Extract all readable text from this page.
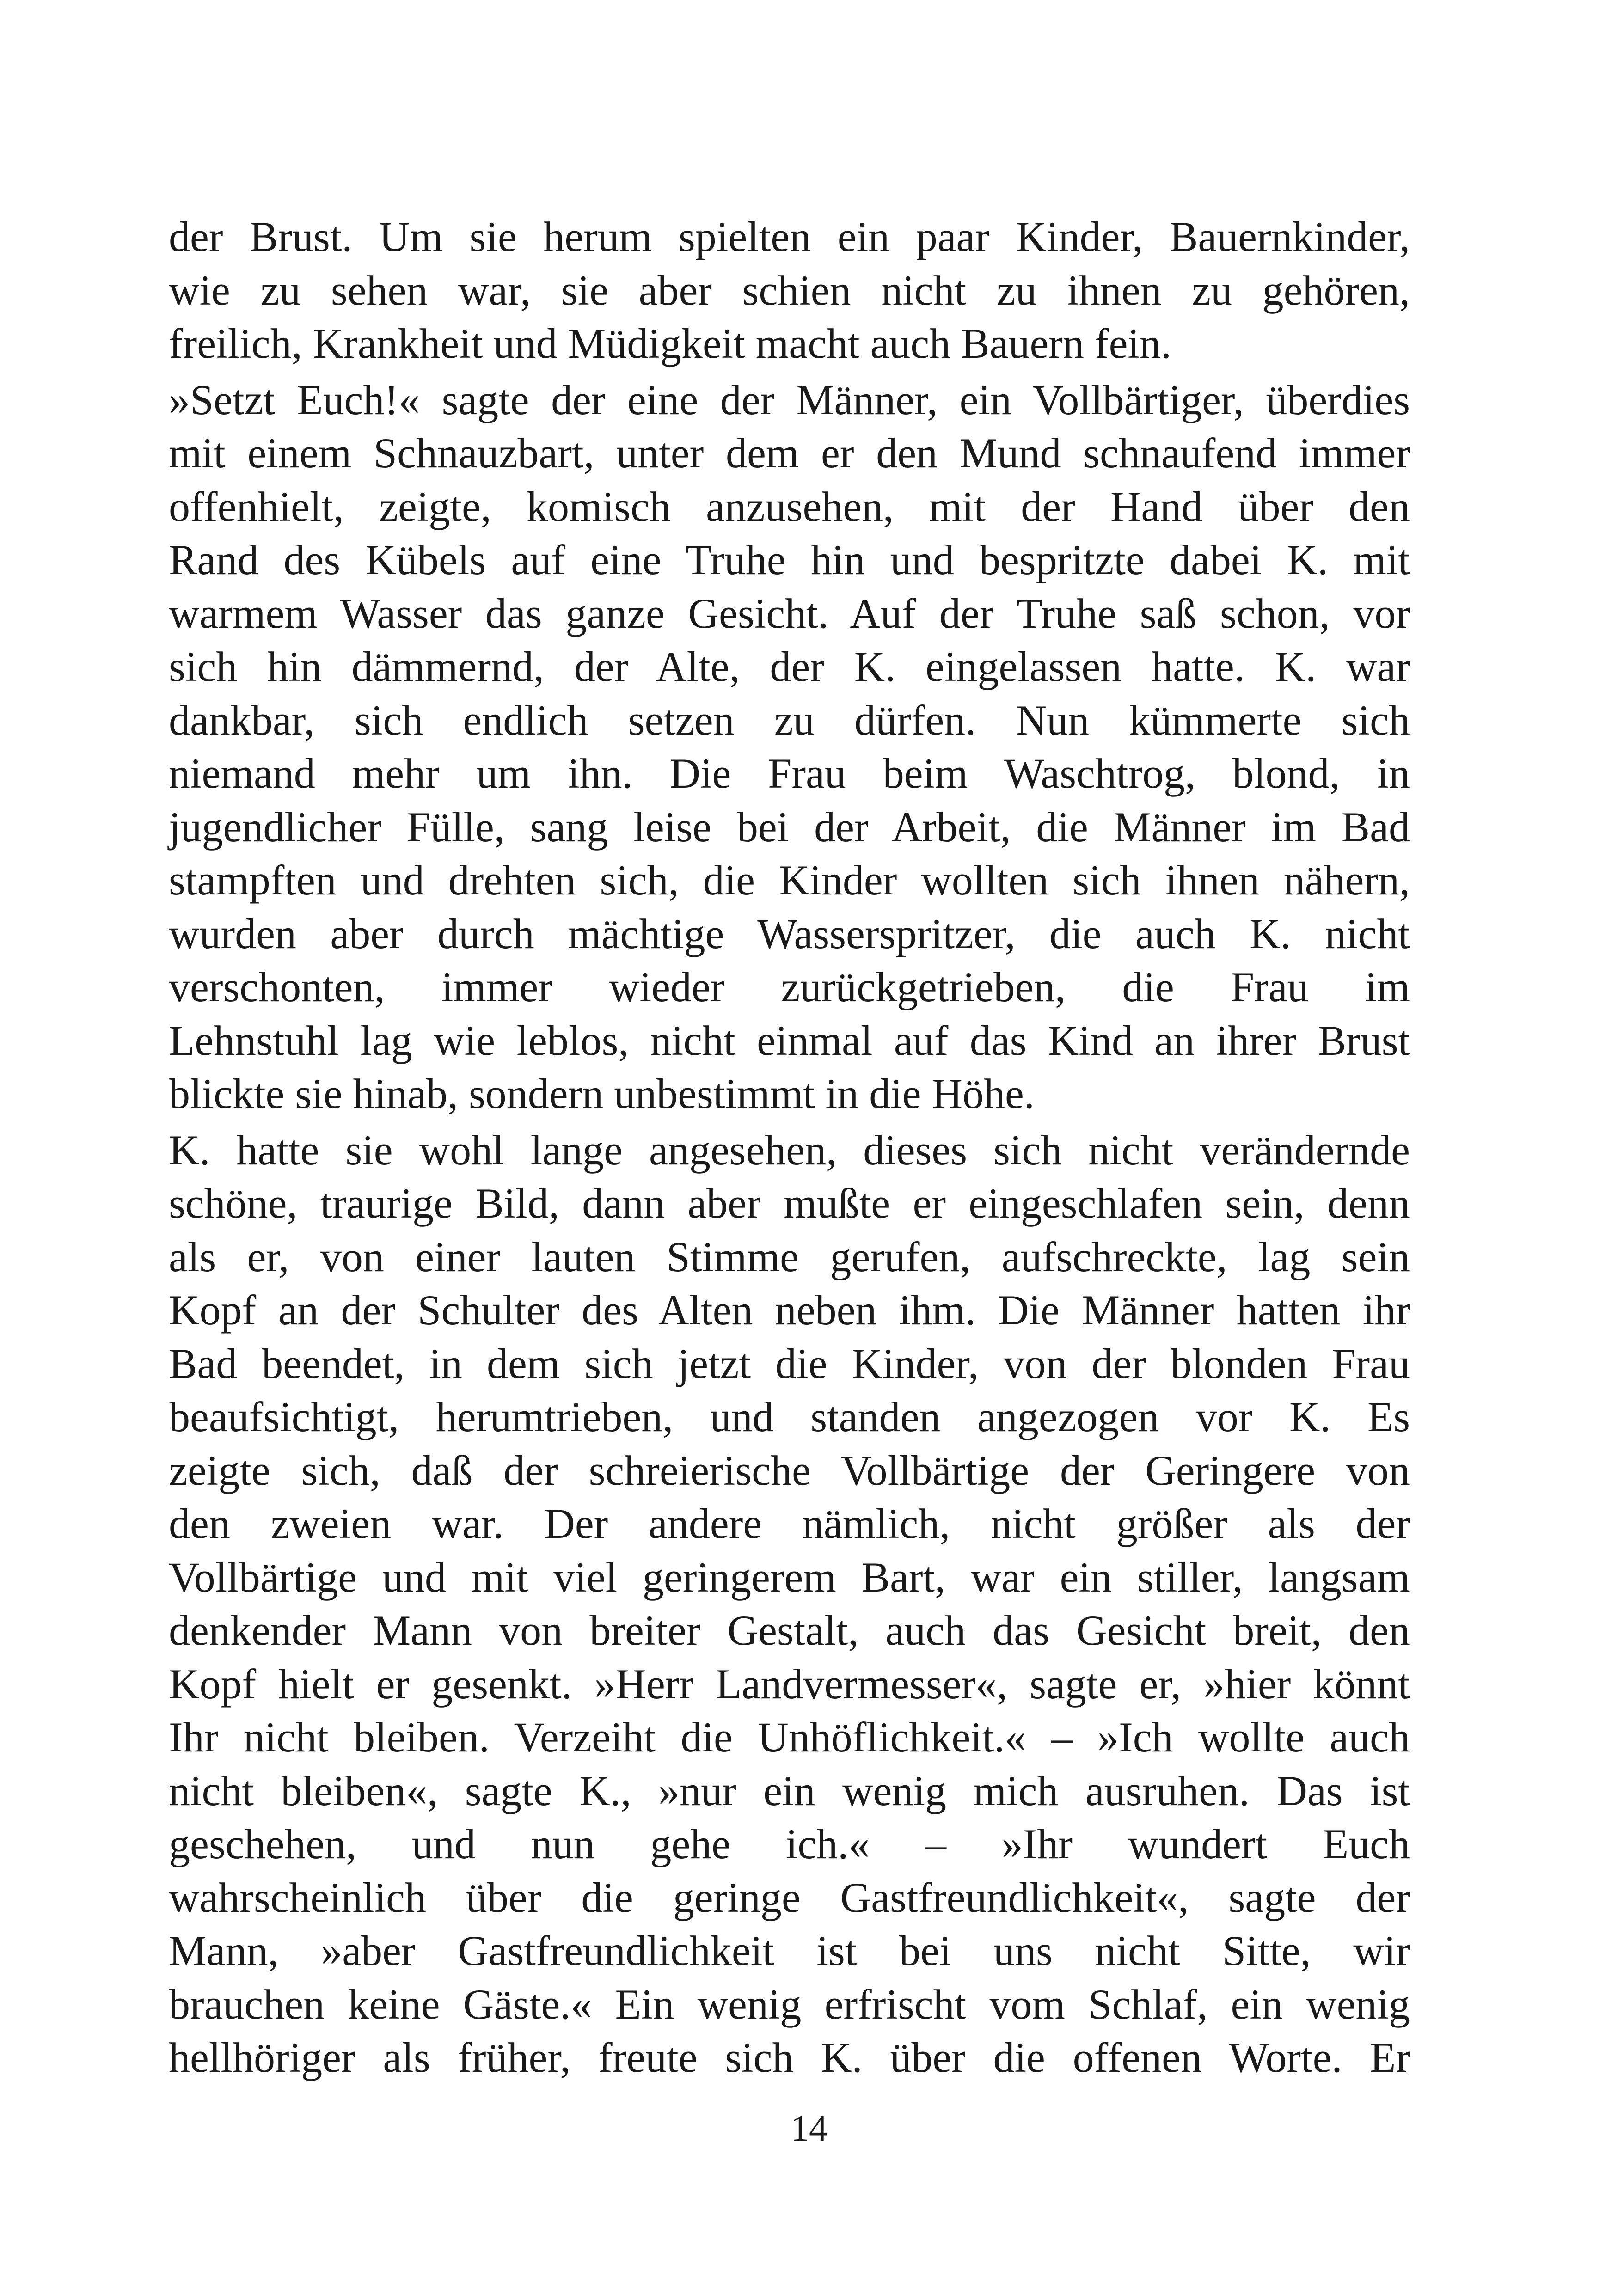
der Brust. Um sie herum spielten ein paar Kinder, Bauernkinder,
wie zu sehen war, sie aber schien nicht zu ihnen zu gehören,
freilich, Krankheit und Müdigkeit macht auch Bauern fein.
»Setzt Euch!« sagte der eine der Männer, ein Vollbärtiger, überdies
mit einem Schnauzbart, unter dem er den Mund schnaufend immer
offenhielt, zeigte, komisch anzusehen, mit der Hand über den
Rand des Kübels auf eine Truhe hin und bespritzte dabei K. mit
warmem Wasser das ganze Gesicht. Auf der Truhe saß schon, vor
sich hin dämmernd, der Alte, der K. eingelassen hatte. K. war
dankbar, sich endlich setzen zu dürfen. Nun kümmerte sich
niemand mehr um ihn. Die Frau beim Waschtrog, blond, in
jugendlicher Fülle, sang leise bei der Arbeit, die Männer im Bad
stampften und drehten sich, die Kinder wollten sich ihnen nähern,
wurden aber durch mächtige Wasserspritzer, die auch K. nicht
verschonten, immer wieder zurückgetrieben, die Frau im
Lehnstuhl lag wie leblos, nicht einmal auf das Kind an ihrer Brust
blickte sie hinab, sondern unbestimmt in die Höhe.
K. hatte sie wohl lange angesehen, dieses sich nicht verändernde
schöne, traurige Bild, dann aber mußte er eingeschlafen sein, denn
als er, von einer lauten Stimme gerufen, aufschreckte, lag sein
Kopf an der Schulter des Alten neben ihm. Die Männer hatten ihr
Bad beendet, in dem sich jetzt die Kinder, von der blonden Frau
beaufsichtigt, herumtrieben, und standen angezogen vor K. Es
zeigte sich, daß der schreierische Vollbärtige der Geringere von
den zweien war. Der andere nämlich, nicht größer als der
Vollbärtige und mit viel geringerem Bart, war ein stiller, langsam
denkender Mann von breiter Gestalt, auch das Gesicht breit, den
Kopf hielt er gesenkt. »Herr Landvermesser«, sagte er, »hier könnt
Ihr nicht bleiben. Verzeiht die Unhöflichkeit.« – »Ich wollte auch
nicht bleiben«, sagte K., »nur ein wenig mich ausruhen. Das ist
geschehen, und nun gehe ich.« – »Ihr wundert Euch
wahrscheinlich über die geringe Gastfreundlichkeit«, sagte der
Mann, »aber Gastfreundlichkeit ist bei uns nicht Sitte, wir
brauchen keine Gäste.« Ein wenig erfrischt vom Schlaf, ein wenig
hellhöriger als früher, freute sich K. über die offenen Worte. Er
14
